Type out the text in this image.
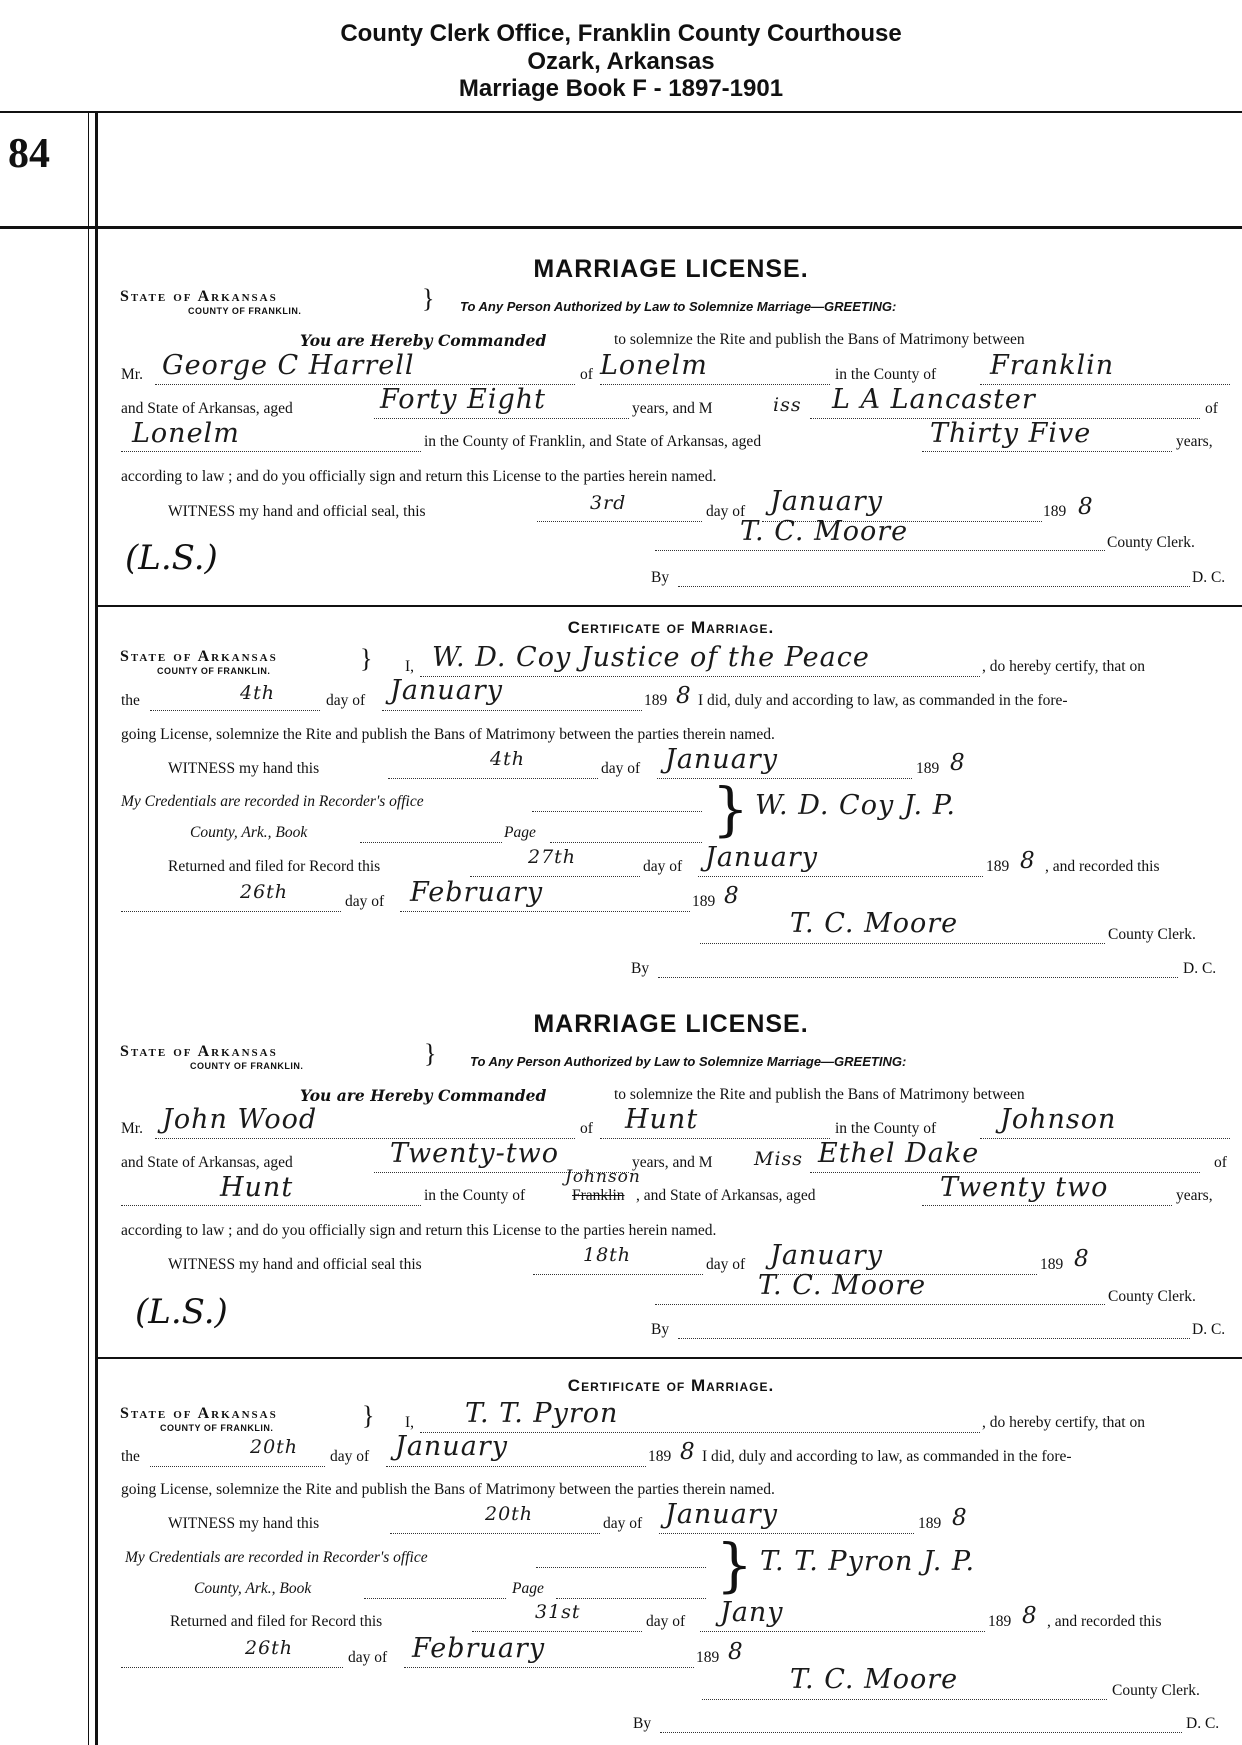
County Clerk Office, Franklin County Courthouse
Ozark, Arkansas
Marriage Book F - 1897-1901
84
MARRIAGE LICENSE.
State of Arkansas
COUNTY OF FRANKLIN.	} To Any Person Authorized by Law to Solemnize Marriage—GREETING:
You are Hereby Commanded	to solemnize the Rite and publish the Bans of Matrimony between
Mr. George C Harrell	of Lonelm	in the County of Franklin
and State of Arkansas, aged	Forty Eight	years, and M	iss L A Lancaster	of
Lonelm	in the County of Franklin, and State of Arkansas, aged	Thirty Five	years,
according to law ; and do you officially sign and return this License to the parties herein named.
WITNESS my hand and official seal, this	3rd	day of January	189 8
T. C. Moore	County Clerk.
(L.S.)	By	D. C.
Certificate of Marriage.
State of Arkansas
COUNTY OF FRANKLIN.	} I, W. D. Coy Justice of the Peace	, do hereby certify, that on
the	4th	day of January	189 8 I did, duly and according to law, as commanded in the fore-
going License, solemnize the Rite and publish the Bans of Matrimony between the parties therein named.
WITNESS my hand this	4th	day of January	189 8
My Credentials are recorded in Recorder's office
County, Ark., Book	Page	} W. D. Coy J. P.
Returned and filed for Record this	27th	day of January	189 8 , and recorded this
26th	day of February	189 8
T. C. Moore	County Clerk.
By	D. C.
MARRIAGE LICENSE.
State of Arkansas
COUNTY OF FRANKLIN.	}	To Any Person Authorized by Law to Solemnize Marriage—GREETING:
You are Hereby Commanded	to solemnize the Rite and publish the Bans of Matrimony between
Mr. John Wood	of Hunt	in the County of Johnson
and State of Arkansas, aged	Twenty-two	years, and M Miss Ethel Dake	of
Hunt	in the County of
Johnson
Franklin , and State of Arkansas, aged	Twenty two	years,
according to law ; and do you officially sign and return this License to the parties herein named.
WITNESS my hand and official seal this	18th	day of January	189 8
T. C. Moore	County Clerk.
(L.S.)	By	D. C.
Certificate of Marriage.
State of Arkansas
COUNTY OF FRANKLIN.	} I, T. T. Pyron	, do hereby certify, that on
the	20th day of January	189 8 I did, duly and according to law, as commanded in the fore-
going License, solemnize the Rite and publish the Bans of Matrimony between the parties therein named.
WITNESS my hand this	20th	day of January	189 8
My Credentials are recorded in Recorder's office
County, Ark., Book	Page	} T. T. Pyron J. P.
Returned and filed for Record this	31st	day of Jany	189 8 , and recorded this
26th	day of February	189 8
T. C. Moore	County Clerk.
By	D. C.
